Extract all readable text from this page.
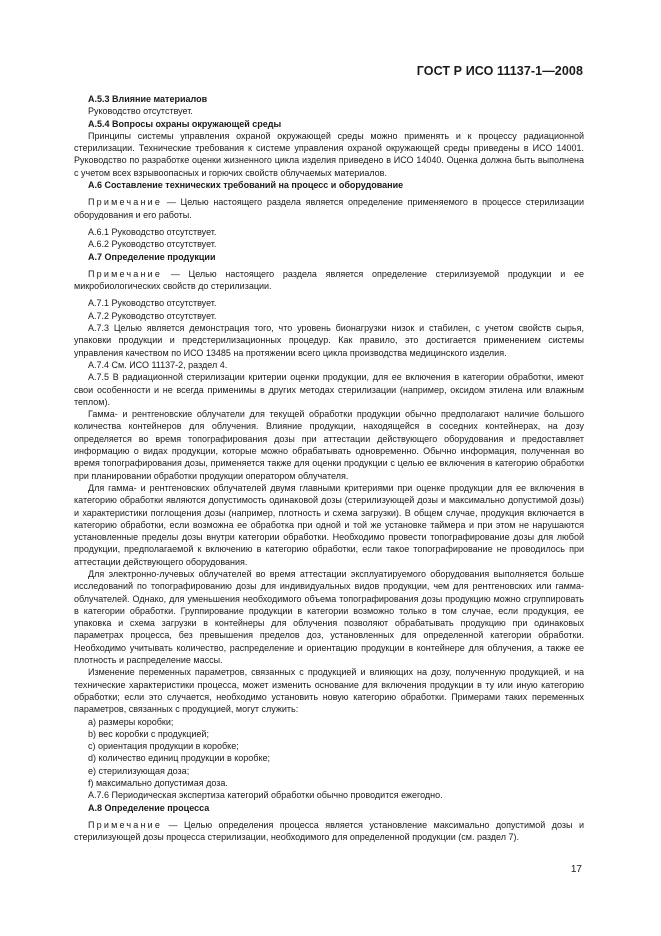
ГОСТ Р ИСО 11137-1—2008

А.5.3 Влияние материалов

Руководство отсутствует.

А.5.4 Вопросы охраны окружающей среды

Принципы системы управления охраной окружающей среды можно применять и к процессу радиационной стерилизации. Технические требования к системе управления охраной окружающей среды приведены в ИСО 14001. Руководство по разработке оценки жизненного цикла изделия приведено в ИСО 14040. Оценка должна быть выполнена с учетом всех взрывоопасных и горючих свойств облучаемых материалов.

А.6 Составление технических требований на процесс и оборудование

Примечание — Целью настоящего раздела является определение применяемого в процессе стерилизации оборудования и его работы.

А.6.1 Руководство отсутствует.

А.6.2 Руководство отсутствует.

А.7 Определение продукции

Примечание — Целью настоящего раздела является определение стерилизуемой продукции и ее микробиологических свойств до стерилизации.

А.7.1 Руководство отсутствует.

А.7.2 Руководство отсутствует.

А.7.3 Целью является демонстрация того, что уровень бионагрузки низок и стабилен, с учетом свойств сырья, упаковки продукции и предстерилизационных процедур. Как правило, это достигается применением системы управления качеством по ИСО 13485 на протяжении всего цикла производства медицинского изделия.

А.7.4 См. ИСО 11137-2, раздел 4.

А.7.5 В радиационной стерилизации критерии оценки продукции, для ее включения в категории обработки, имеют свои особенности и не всегда применимы в других методах стерилизации (например, оксидом этилена или влажным теплом).

Гамма- и рентгеновские облучатели для текущей обработки продукции обычно предполагают наличие большого количества контейнеров для облучения. Влияние продукции, находящейся в соседних контейнерах, на дозу определяется во время топографирования дозы при аттестации действующего оборудования и предоставляет информацию о видах продукции, которые можно обрабатывать одновременно. Обычно информация, полученная во время топографирования дозы, применяется также для оценки продукции с целью ее включения в категорию обработки при планировании обработки продукции оператором облучателя.

Для гамма- и рентгеновских облучателей двумя главными критериями при оценке продукции для ее включения в категорию обработки являются допустимость одинаковой дозы (стерилизующей дозы и максимально допустимой дозы) и характеристики поглощения дозы (например, плотность и схема загрузки). В общем случае, продукция включается в категорию обработки, если возможна ее обработка при одной и той же установке таймера и при этом не нарушаются установленные пределы дозы внутри категории обработки. Необходимо провести топографирование дозы для любой продукции, предполагаемой к включению в категорию обработки, если такое топографирование не проводилось при аттестации действующего оборудования.

Для электронно-лучевых облучателей во время аттестации эксплуатируемого оборудования выполняется больше исследований по топографированию дозы для индивидуальных видов продукции, чем для рентгеновских или гамма-облучателей. Однако, для уменьшения необходимого объема топографирования дозы продукцию можно сгруппировать в категории обработки. Группирование продукции в категории возможно только в том случае, если продукция, ее упаковка и схема загрузки в контейнеры для облучения позволяют обрабатывать продукцию при одинаковых параметрах процесса, без превышения пределов доз, установленных для определенной категории обработки. Необходимо учитывать количество, распределение и ориентацию продукции в контейнере для облучения, а также ее плотность и распределение массы.

Изменение переменных параметров, связанных с продукцией и влияющих на дозу, полученную продукцией, и на технические характеристики процесса, может изменить основание для включения продукции в ту или иную категорию обработки; если это случается, необходимо установить новую категорию обработки. Примерами таких переменных параметров, связанных с продукцией, могут служить:

а) размеры коробки;

b) вес коробки с продукцией;

с) ориентация продукции в коробке;

d) количество единиц продукции в коробке;

е) стерилизующая доза;

f) максимально допустимая доза.

А.7.6 Периодическая экспертиза категорий обработки обычно проводится ежегодно.

А.8 Определение процесса

Примечание — Целью определения процесса является установление максимально допустимой дозы и стерилизующей дозы процесса стерилизации, необходимого для определенной продукции (см. раздел 7).

17
